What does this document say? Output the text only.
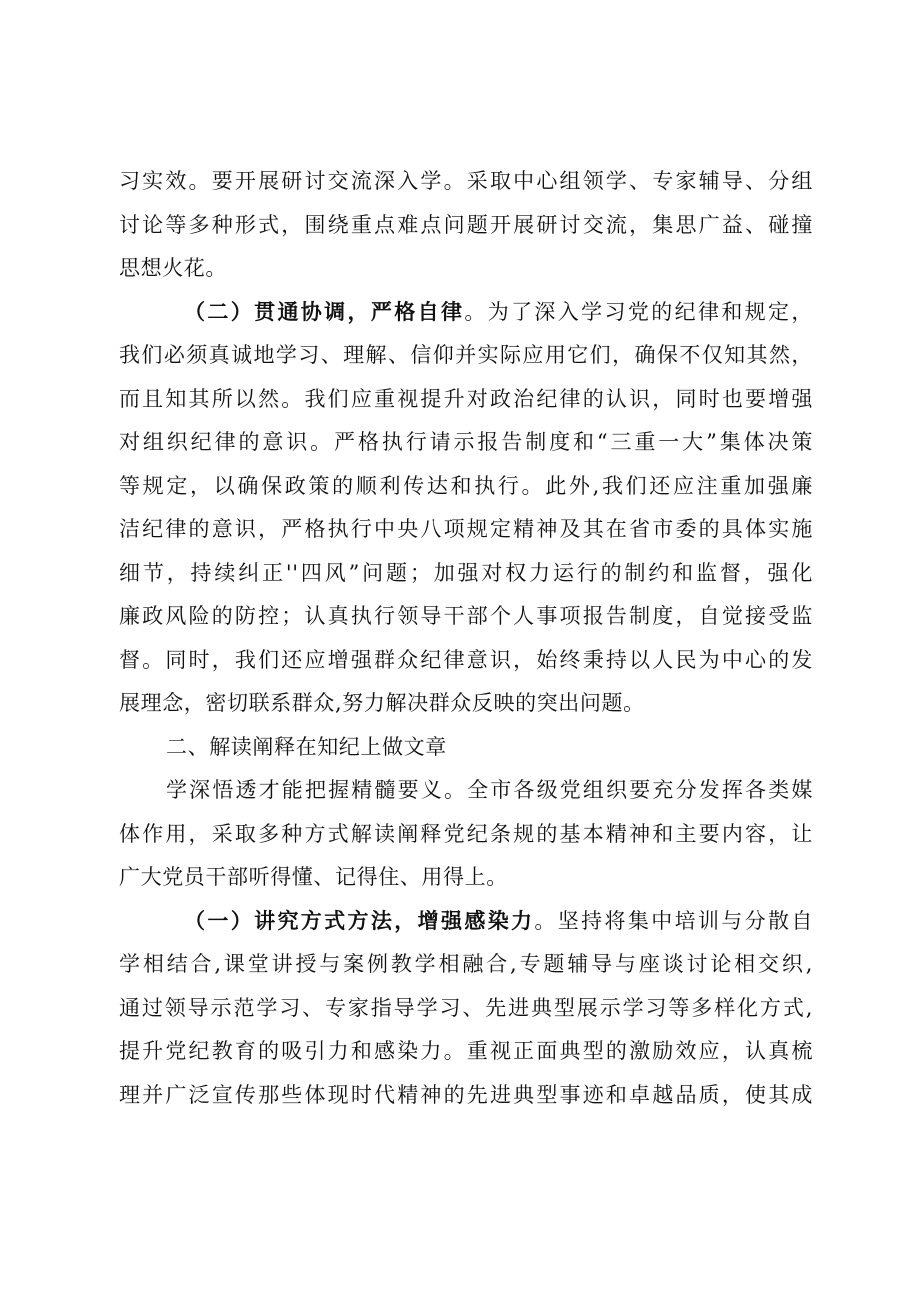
习实效。要开展研讨交流深入学。采取中心组领学、专家辅导、分组
讨论等多种形式，围绕重点难点问题开展研讨交流，集思广益、碰撞
思想火花。
（二）贯通协调，严格自律。为了深入学习党的纪律和规定，
我们必须真诚地学习、理解、信仰并实际应用它们，确保不仅知其然，
而且知其所以然。我们应重视提升对政治纪律的认识，同时也要增强
对组织纪律的意识。严格执行请示报告制度和“三重一大”集体决策
等规定，以确保政策的顺利传达和执行。此外,我们还应注重加强廉
洁纪律的意识，严格执行中央八项规定精神及其在省市委的具体实施
细节，持续纠正''四风”问题；加强对权力运行的制约和监督，强化
廉政风险的防控；认真执行领导干部个人事项报告制度，自觉接受监
督。同时，我们还应增强群众纪律意识，始终秉持以人民为中心的发
展理念，密切联系群众,努力解决群众反映的突出问题。
二、解读阐释在知纪上做文章
学深悟透才能把握精髓要义。全市各级党组织要充分发挥各类媒
体作用，采取多种方式解读阐释党纪条规的基本精神和主要内容，让
广大党员干部听得懂、记得住、用得上。
（一）讲究方式方法，增强感染力。坚持将集中培训与分散自
学相结合,课堂讲授与案例教学相融合,专题辅导与座谈讨论相交织,
通过领导示范学习、专家指导学习、先进典型展示学习等多样化方式,
提升党纪教育的吸引力和感染力。重视正面典型的激励效应，认真梳
理并广泛宣传那些体现时代精神的先进典型事迹和卓越品质，使其成
